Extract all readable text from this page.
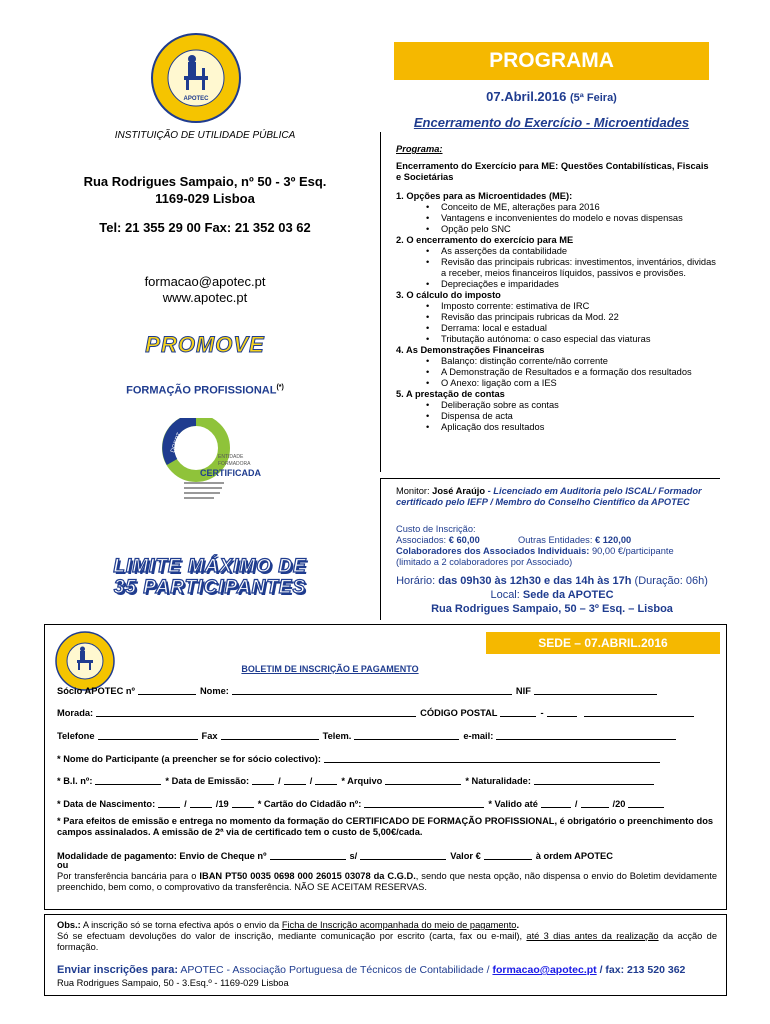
APOTEC
INSTITUIÇÃO DE UTILIDADE PÚBLICA
Rua Rodrigues Sampaio, nº 50 - 3º Esq.
1169-029 Lisboa
Tel: 21 355 29 00 Fax: 21 352 03 62
formacao@apotec.pt
www.apotec.pt
PROMOVE
FORMAÇÃO PROFISSIONAL(*)
DGERT
ENTIDADE
FORMADORA
CERTIFICADA
LIMITE MÁXIMO DE
35 PARTICIPANTES
PROGRAMA
07.Abril.2016 (5ª Feira)
Encerramento do Exercício - Microentidades
Programa:
Encerramento do Exercício para ME: Questões Contabilísticas, Fiscais e Societárias
1. Opções para as Microentidades (ME):
• Conceito de ME, alterações para 2016
• Vantagens e inconvenientes do modelo e novas dispensas
• Opção pelo SNC
2. O encerramento do exercício para ME
• As asserções da contabilidade
• Revisão das principais rubricas: investimentos, inventários, dividas a receber, meios financeiros líquidos, passivos e provisões.
• Depreciações e imparidades
3. O cálculo do imposto
• Imposto corrente: estimativa de IRC
• Revisão das principais rubricas da Mod. 22
• Derrama: local e estadual
• Tributação autónoma: o caso especial das viaturas
4. As Demonstrações Financeiras
• Balanço: distinção corrente/não corrente
• A Demonstração de Resultados e a formação dos resultados
• O Anexo: ligação com a IES
5. A prestação de contas
• Deliberação sobre as contas
• Dispensa de acta
• Aplicação dos resultados
Monitor: José Araújo - Licenciado em Auditoria pelo ISCAL/ Formador certificado pelo IEFP / Membro do Conselho Científico da APOTEC
Custo de Inscrição:
Associados: € 60,00	Outras Entidades: € 120,00
Colaboradores dos Associados Individuais: 90,00 €/participante
(limitado a 2 colaboradores por Associado)
Horário: das 09h30 às 12h30 e das 14h às 17h (Duração: 06h)
Local: Sede da APOTEC
Rua Rodrigues Sampaio, 50 – 3º Esq. – Lisboa
SEDE – 07.ABRIL.2016
BOLETIM DE INSCRIÇÃO E PAGAMENTO
Sócio APOTEC nº	Nome:	NIF
Morada:	CÓDIGO POSTAL	-
Telefone	Fax	Telem.	e-mail:
* Nome do Participante (a preencher se for sócio colectivo):
* B.I. nº:	* Data de Emissão:	/	/	* Arquivo	* Naturalidade:
* Data de Nascimento:	/	/19	* Cartão do Cidadão nº:	* Valido até	/	/20
* Para efeitos de emissão e entrega no momento da formação do CERTIFICADO DE FORMAÇÃO PROFISSIONAL, é obrigatório o preenchimento dos campos assinalados. A emissão de 2ª via de certificado tem o custo de 5,00€/cada.
Modalidade de pagamento: Envio de Cheque nº	s/	Valor €	à ordem APOTEC
ou
Por transferência bancária para o IBAN PT50 0035 0698 000 26015 03078 da C.G.D., sendo que nesta opção, não dispensa o envio do Boletim devidamente preenchido, bem como, o comprovativo da transferência. NÃO SE ACEITAM RESERVAS.
Obs.: A inscrição só se torna efectiva após o envio da Ficha de Inscrição acompanhada do meio de pagamento.
Só se efectuam devoluções do valor de inscrição, mediante comunicação por escrito (carta, fax ou e-mail), até 3 dias antes da realização da acção de formação.
Enviar inscrições para: APOTEC - Associação Portuguesa de Técnicos de Contabilidade / formacao@apotec.pt / fax: 213 520 362
Rua Rodrigues Sampaio, 50 - 3.Esq.º - 1169-029 Lisboa
